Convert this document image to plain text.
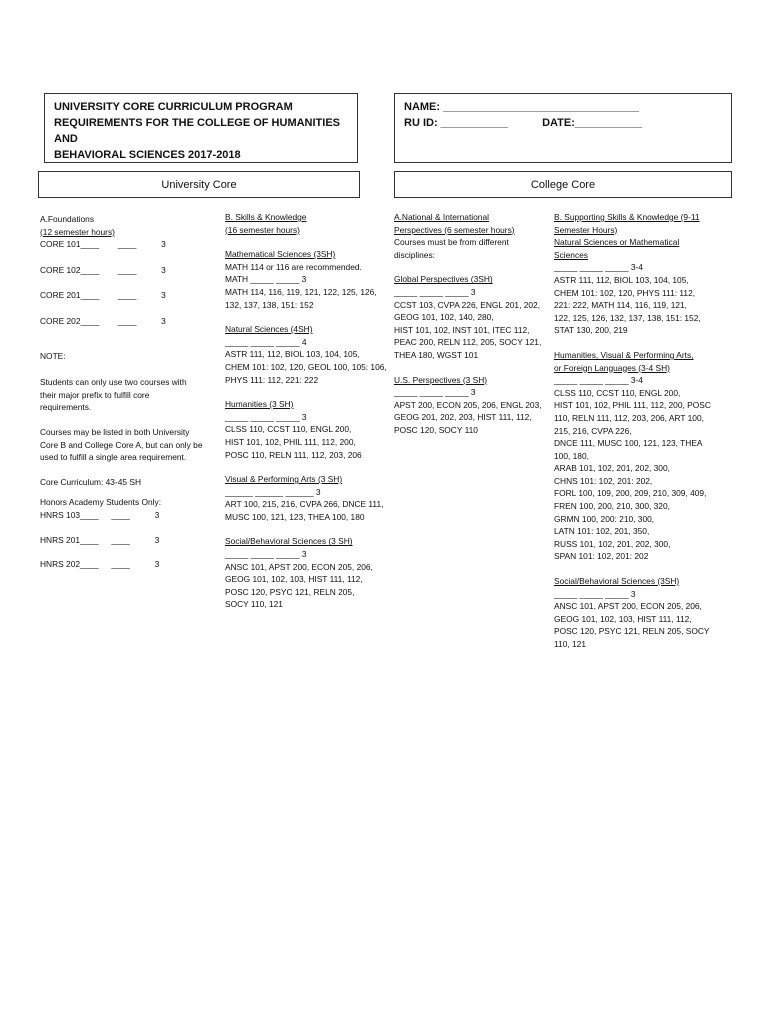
UNIVERSITY CORE CURRICULUM PROGRAM
REQUIREMENTS FOR THE COLLEGE OF HUMANITIES AND
BEHAVIORAL SCIENCES 2017-2018
NAME: ________________________________
RU ID: ___________	DATE:___________
University Core	College Core
A.Foundations
(12 semester hours)
CORE 101____ ____	3
CORE 102____ ____	3
CORE 201____ ____	3
CORE 202____ ____	3
NOTE:
Students can only use two courses with
their major prefix to fulfill core
requirements.
Courses may be listed in both University
Core B and College Core A, but can only be
used to fulfill a single area requirement.
Core Curriculum: 43-45 SH
Honors Academy Students Only:
HNRS 103____ ____	3
HNRS 201____ ____	3
HNRS 202____ ____	3
B. Skills & Knowledge
(16 semester hours)
Mathematical Sciences (3SH)
MATH 114 or 116 are recommended.
MATH _____ _____ 3
MATH 114, 116, 119, 121, 122, 125, 126,
132, 137, 138, 151: 152
Natural Sciences (4SH)
_____ _____ _____ 4
ASTR 111, 112, BIOL 103, 104, 105,
CHEM 101: 102, 120, GEOL 100, 105: 106,
PHYS 111: 112, 221: 222
Humanities (3 SH)
_____ _____ _____ 3
CLSS 110, CCST 110, ENGL 200,
HIST 101, 102, PHIL 111, 112, 200,
POSC 110, RELN 111, 112, 203, 206
Visual & Performing Arts (3 SH)
______ ______ ______ 3
ART 100, 215, 216, CVPA 266, DNCE 111,
MUSC 100, 121, 123, THEA 100, 180
Social/Behavioral Sciences (3 SH)
_____ _____ _____ 3
ANSC 101, APST 200, ECON 205, 206,
GEOG 101, 102, 103, HIST 111, 112,
POSC 120, PSYC 121, RELN 205,
SOCY 110, 121
A.National & International
Perspectives (6 semester hours)
Courses must be from different
disciplines:
Global Perspectives (3SH)
_____ _____ _____ 3
CCST 103, CVPA 226, ENGL 201, 202,
GEOG 101, 102, 140, 280,
HIST 101, 102, INST 101, ITEC 112,
PEAC 200, RELN 112, 205, SOCY 121,
THEA 180, WGST 101
U.S. Perspectives (3 SH)
_____ _____ _____ 3
APST 200, ECON 205, 206, ENGL 203,
GEOG 201, 202, 203, HIST 111, 112,
POSC 120, SOCY 110
B. Supporting Skills & Knowledge (9-11
Semester Hours)
Natural Sciences or Mathematical
Sciences
_____ _____ _____ 3-4
ASTR 111, 112, BIOL 103, 104, 105,
CHEM 101: 102, 120, PHYS 111: 112,
221: 222, MATH 114, 116, 119, 121,
122, 125, 126, 132, 137, 138, 151: 152,
STAT 130, 200, 219
Humanities, Visual & Performing Arts,
or Foreign Languages (3-4 SH)
_____ _____ _____ 3-4
CLSS 110, CCST 110, ENGL 200,
HIST 101, 102, PHIL 111, 112, 200, POSC
110, RELN 111, 112, 203, 206, ART 100,
215, 216, CVPA 226,
DNCE 111, MUSC 100, 121, 123, THEA
100, 180,
ARAB 101, 102, 201, 202, 300,
CHNS 101: 102, 201: 202,
FORL 100, 109, 200, 209, 210, 309, 409,
FREN 100, 200, 210, 300, 320,
GRMN 100, 200: 210, 300,
LATN 101: 102, 201, 350,
RUSS 101, 102, 201, 202, 300,
SPAN 101: 102, 201: 202
Social/Behavioral Sciences (3SH)
_____ _____ _____ 3
ANSC 101, APST 200, ECON 205, 206,
GEOG 101, 102, 103, HIST 111, 112,
POSC 120, PSYC 121, RELN 205, SOCY
110, 121
